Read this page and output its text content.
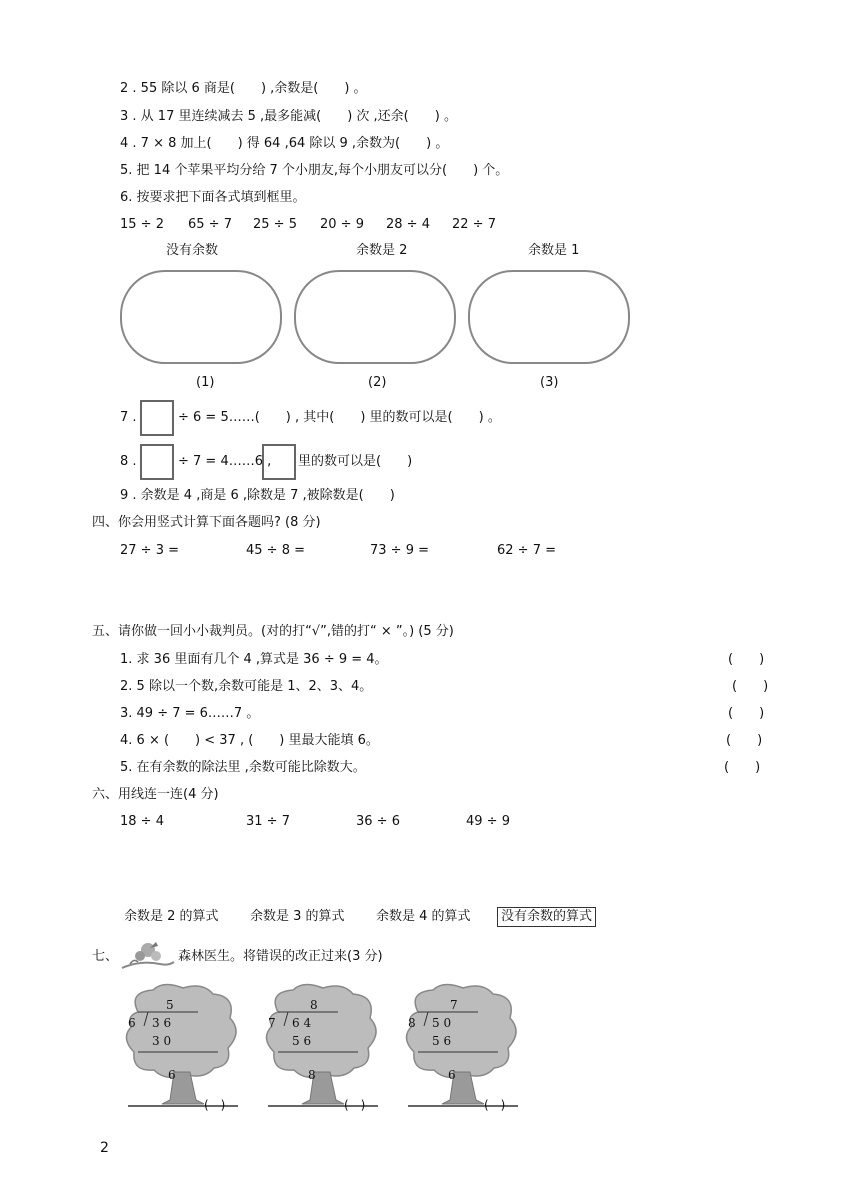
2 . 55 除以 6 商是(　　) ,余数是(　　) 。
3 . 从 17 里连续减去 5 ,最多能减(　　) 次 ,还余(　　) 。
4 . 7 × 8 加上(　　) 得 64 ,64 除以 9 ,余数为(　　) 。
5. 把 14 个苹果平均分给 7 个小朋友,每个小朋友可以分(　　) 个。
6. 按要求把下面各式填到框里。
15 ÷ 2 65 ÷ 7 25 ÷ 5 20 ÷ 9 28 ÷ 4 22 ÷ 7
没有余数	余数是 2	余数是 1
(1)	(2)	(3)
7 .	÷ 6 = 5……(　　) , 其中(　　) 里的数可以是(　　) 。
8 .	÷ 7 = 4……6 , 里的数可以是(　　)
9 . 余数是 4 ,商是 6 ,除数是 7 ,被除数是(　　)
四、你会用竖式计算下面各题吗? (8 分)
27 ÷ 3 =	45 ÷ 8 =	73 ÷ 9 =	62 ÷ 7 =
五、请你做一回小小裁判员。(对的打“√”,错的打“ × ”。) (5 分)
1. 求 36 里面有几个 4 ,算式是 36 ÷ 9 = 4。	(　　)
2. 5 除以一个数,余数可能是 1、2、3、4。	(　　)
3. 49 ÷ 7 = 6……7 。	(　　)
4. 6 × (　　) < 37 , (　　) 里最大能填 6。	(　　)
5. 在有余数的除法里 ,余数可能比除数大。	(　　)
六、用线连一连(4 分)
18 ÷ 4	31 ÷ 7	36 ÷ 6	49 ÷ 9
余数是 2 的算式 余数是 3 的算式 余数是 4 的算式	没有余数的算式
七、	森林医生。将错误的改正过来(3 分)
5
6 3 6
3 0
6
(　)
8
7 6 4
5 6
8
(　)
7
8 5 0
5 6
6
(　)
2
